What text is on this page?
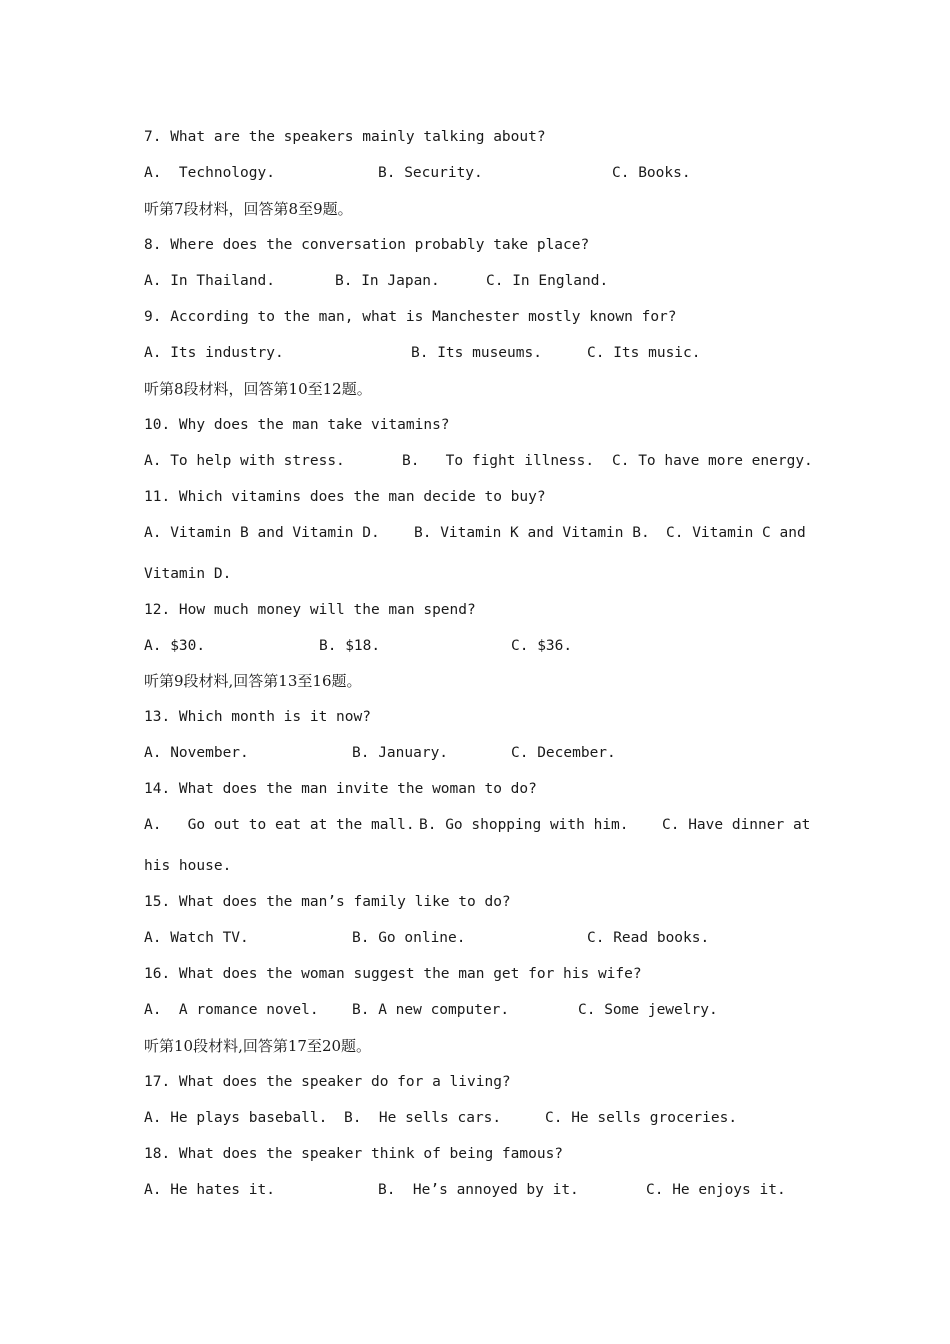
7. What are the speakers mainly talking about?

A.  Technology.

	B. Security.

	C. Books.

听第7段材料，回答第8至9题。
8. Where does the conversation probably take place?

A. In Thailand.

	B. In Japan.

	C. In England.

9. According to the man, what is Manchester mostly known for?

A. Its industry.

	B. Its museums.

	C. Its music.

听第8段材料，回答第10至12题。
10. Why does the man take vitamins?

A. To help with stress.

	B.   To fight illness.

C. To have more energy.

11. Which vitamins does the man decide to buy?

A. Vitamin B and Vitamin D.

B. Vitamin K and Vitamin B.

C. Vitamin C and

Vitamin D.
12. How much money will the man spend?

A. $30.

	B. $18.

	C. $36.

听第9段材料,回答第13至16题。
13. Which month is it now?

A. November.

	B. January.

	C. December.

14. What does the man invite the woman to do?

A.   Go out to eat at the mall.

B. Go shopping with him.

C. Have dinner at

his house.
15. What does the man’s family like to do?

A. Watch TV.

	B. Go online.

	C. Read books.

16. What does the woman suggest the man get for his wife?

A.  A romance novel.

B. A new computer.

	C. Some jewelry.

听第10段材料,回答第17至20题。
17. What does the speaker do for a living?

A. He plays baseball.

B.  He sells cars.

	C. He sells groceries.

18. What does the speaker think of being famous?

A. He hates it.

	B.  He’s annoyed by it.

	C. He enjoys it.
